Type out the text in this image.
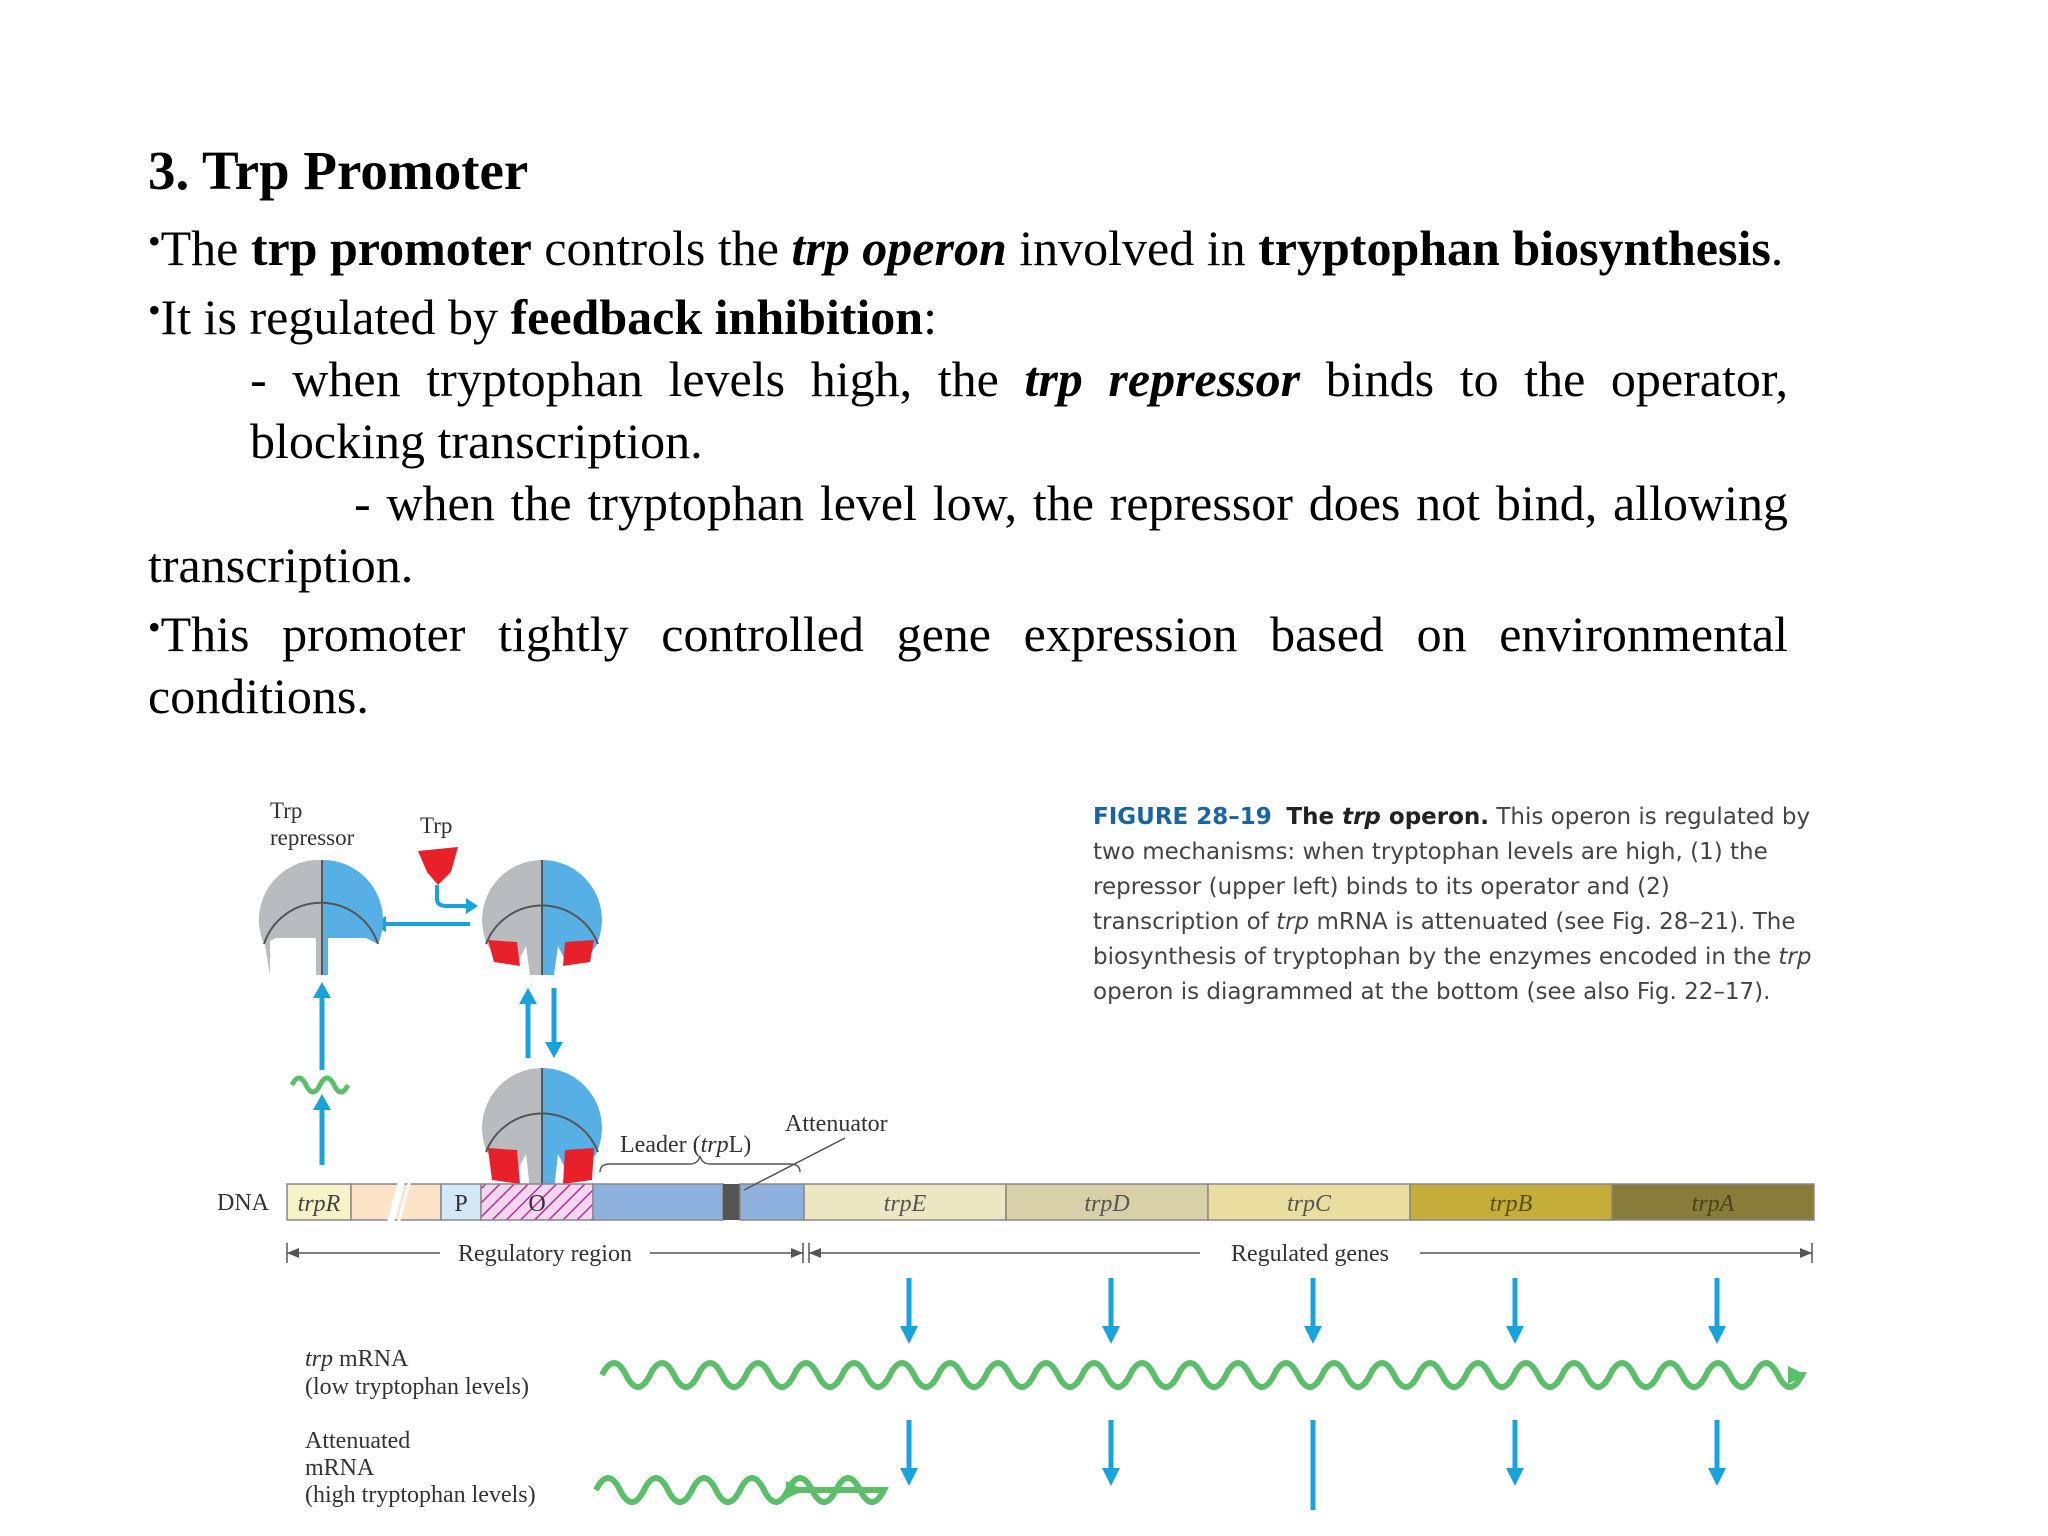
3. Trp Promoter

•The trp promoter controls the trp operon involved in tryptophan biosynthesis.

•It is regulated by feedback inhibition:

- when tryptophan levels high, the trp repressor binds to the operator, blocking transcription.

- when the tryptophan level low, the repressor does not bind, allowing transcription.

•This promoter tightly controlled gene expression based on environmental conditions.

FIGURE 28–19 The trp operon. This operon is regulated by two mechanisms: when tryptophan levels are high, (1) the repressor (upper left) binds to its operator and (2) transcription of trp mRNA is attenuated (see Fig. 28–21). The biosynthesis of tryptophan by the enzymes encoded in the trp operon is diagrammed at the bottom (see also Fig. 22–17).
Trp
repressor	Trp
DNA trpR	P	O	trpE	trpD	trpC	trpB	trpA
Attenuator
Leader (trpL)
Regulatory region	Regulated genes
trp mRNA
(low tryptophan levels)
Attenuated
mRNA
(high tryptophan levels)
